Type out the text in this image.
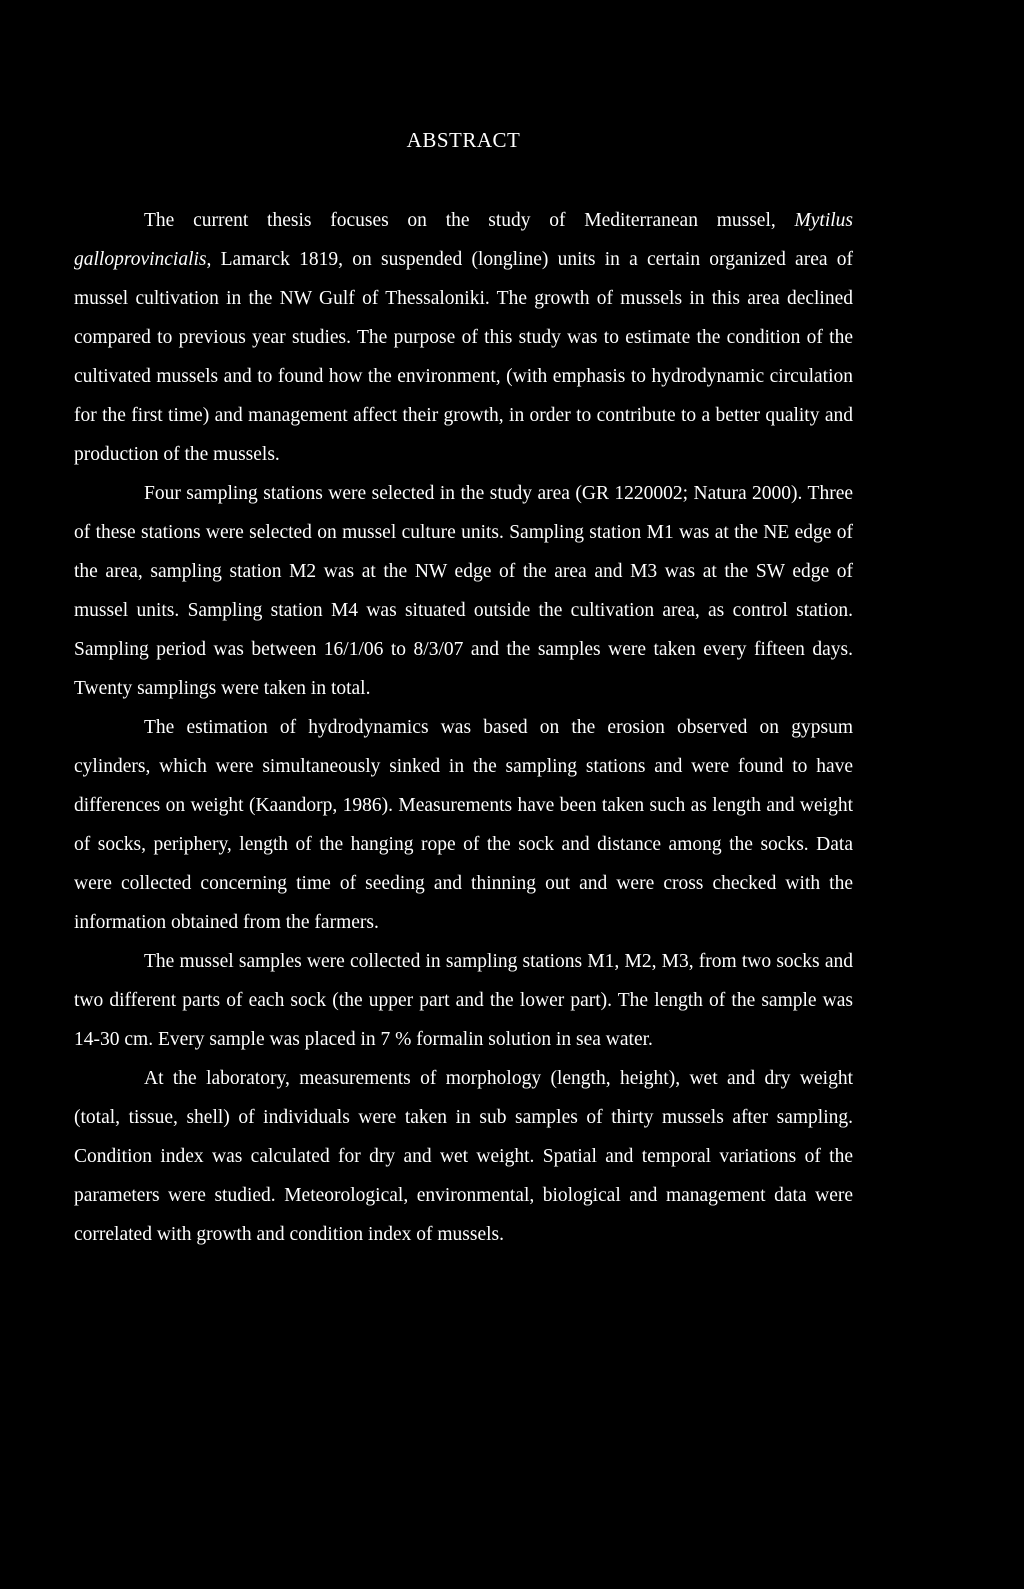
ABSTRACT

The current thesis focuses on the study of Mediterranean mussel, Mytilus galloprovincialis, Lamarck 1819, on suspended (longline) units in a certain organized area of mussel cultivation in the NW Gulf of Thessaloniki. The growth of mussels in this area declined compared to previous year studies. The purpose of this study was to estimate the condition of the cultivated mussels and to found how the environment, (with emphasis to hydrodynamic circulation for the first time) and management affect their growth, in order to contribute to a better quality and production of the mussels.

Four sampling stations were selected in the study area (GR 1220002; Natura 2000). Three of these stations were selected on mussel culture units. Sampling station M1 was at the NE edge of the area, sampling station M2 was at the NW edge of the area and M3 was at the SW edge of mussel units. Sampling station M4 was situated outside the cultivation area, as control station. Sampling period was between 16/1/06 to 8/3/07 and the samples were taken every fifteen days. Twenty samplings were taken in total.

The estimation of hydrodynamics was based on the erosion observed on gypsum cylinders, which were simultaneously sinked in the sampling stations and were found to have differences on weight (Kaandorp, 1986). Measurements have been taken such as length and weight of socks, periphery, length of the hanging rope of the sock and distance among the socks. Data were collected concerning time of seeding and thinning out and were cross checked with the information obtained from the farmers.

The mussel samples were collected in sampling stations M1, M2, M3, from two socks and two different parts of each sock (the upper part and the lower part). The length of the sample was 14-30 cm. Every sample was placed in 7 % formalin solution in sea water.

At the laboratory, measurements of morphology (length, height), wet and dry weight (total, tissue, shell) of individuals were taken in sub samples of thirty mussels after sampling. Condition index was calculated for dry and wet weight. Spatial and temporal variations of the parameters were studied. Meteorological, environmental, biological and management data were correlated with growth and condition index of mussels.
